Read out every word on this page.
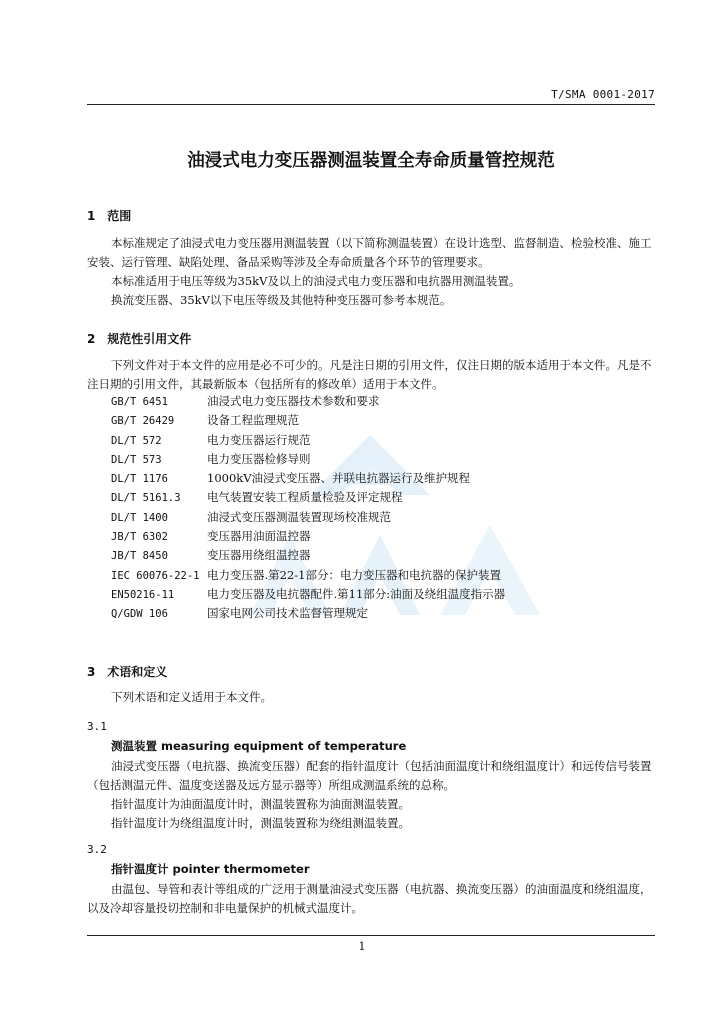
T/SMA 0001-2017
油浸式电力变压器测温装置全寿命质量管控规范
1 范围

本标准规定了油浸式电力变压器用测温装置（以下简称测温装置）在设计选型、监督制造、检验校准、施工安装、运行管理、缺陷处理、备品采购等涉及全寿命质量各个环节的管理要求。

本标准适用于电压等级为35kV及以上的油浸式电力变压器和电抗器用测温装置。

换流变压器、35kV以下电压等级及其他特种变压器可参考本规范。

2 规范性引用文件

下列文件对于本文件的应用是必不可少的。凡是注日期的引用文件，仅注日期的版本适用于本文件。凡是不注日期的引用文件，其最新版本（包括所有的修改单）适用于本文件。

GB/T 6451	油浸式电力变压器技术参数和要求
GB/T 26429	设备工程监理规范
DL/T 572	电力变压器运行规范
DL/T 573	电力变压器检修导则
DL/T 1176	1000kV油浸式变压器、并联电抗器运行及维护规程
DL/T 5161.3 电气装置安装工程质量检验及评定规程
DL/T 1400	油浸式变压器测温装置现场校准规范
JB/T 6302	变压器用油面温控器
JB/T 8450	变压器用绕组温控器
IEC 60076-22-1 电力变压器.第22-1部分：电力变压器和电抗器的保护装置
EN50216-11	电力变压器及电抗器配件.第11部分:油面及绕组温度指示器
Q/GDW 106	国家电网公司技术监督管理规定
3 术语和定义

下列术语和定义适用于本文件。

3.1
测温装置 measuring equipment of temperature

油浸式变压器（电抗器、换流变压器）配套的指针温度计（包括油面温度计和绕组温度计）和远传信号装置（包括测温元件、温度变送器及远方显示器等）所组成测温系统的总称。

指针温度计为油面温度计时，测温装置称为油面测温装置。

指针温度计为绕组温度计时，测温装置称为绕组测温装置。

3.2
指针温度计 pointer thermometer

由温包、导管和表计等组成的广泛用于测量油浸式变压器（电抗器、换流变压器）的油面温度和绕组温度，以及冷却容量投切控制和非电量保护的机械式温度计。

1
